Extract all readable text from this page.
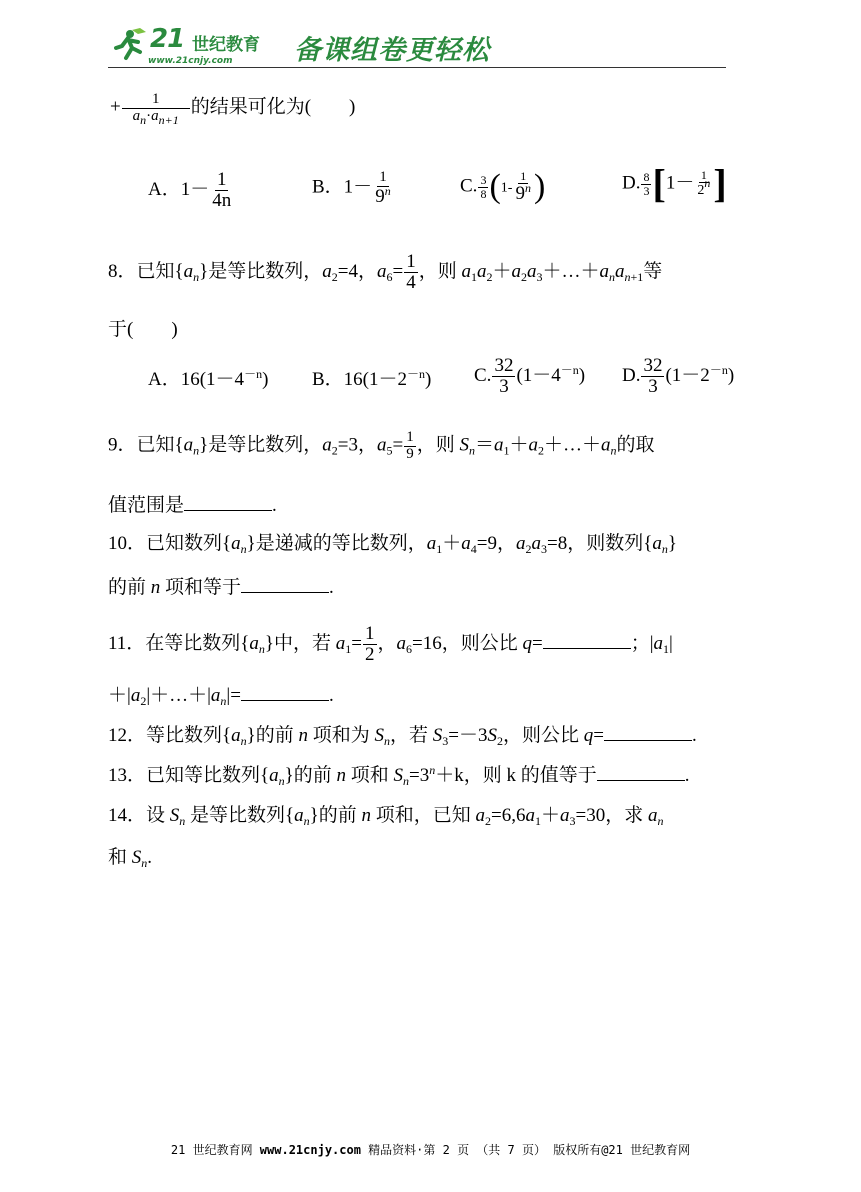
21 世纪教育
www.21cnjy.com 备课组卷更轻松
+ $\frac{1}{a_n\cdot a_{n+1}}$ 的结果可化为(　　)
A．$1- \frac{1}{4n}$	B．$1- \frac{1}{9^n}$	C. $\frac{3}{8} (1- \frac{1}{9^n}$ )	D. $\frac{8}{3} [1- \frac{1}{2^n}$ ]
8．已知$\{a_n\}$是等比数列，$a_2=4$，$a_6= \frac{1}{4}$ ，则 $a_1a_2+a_2a_3+\dots+a_na_{n+1}$等
于(　　)
A．$16(1-4^{-n})$ B．$16(1-2^{-n})$ C. $\frac{32}{3} (1-4^{-n})$ D. $\frac{32}{3} (1-2^{-n})$
9．已知$\{a_n\}$是等比数列，$a_2=3$，$a_5= \frac{1}{9}$ ，则 $S_n=a_1+a_2+\dots+a_n$的取
值范围是	.
10．已知数列$\{a_n\}$是递减的等比数列，$a_1+a_4=9$，$a_2a_3=8$，则数列$\{a_n\}$
的前 n 项和等于	.
11．在等比数列$\{a_n\}$中，若 $a_1= \frac{1}{2}$ ，$a_6=16$，则公比 q=	；$|a_1|$
$+|a_2|+\dots+|a_n|=$	.
12．等比数列$\{a_n\}$的前 n 项和为 $S_n$，若 $S_3=-3S_2$，则公比 q=	.
13．已知等比数列$\{a_n\}$的前 n 项和 $S_n=3^n+k$，则 k 的值等于	.
14．设 $S_n$ 是等比数列$\{a_n\}$的前 n 项和，已知 $a_2=6,6a_1+a_3=30$，求 $a_n$
和 $S_n$.
21 世纪教育网 www.21cnjy.com 精品资料·第 2 页 （共 7 页） 版权所有@21 世纪教育网
